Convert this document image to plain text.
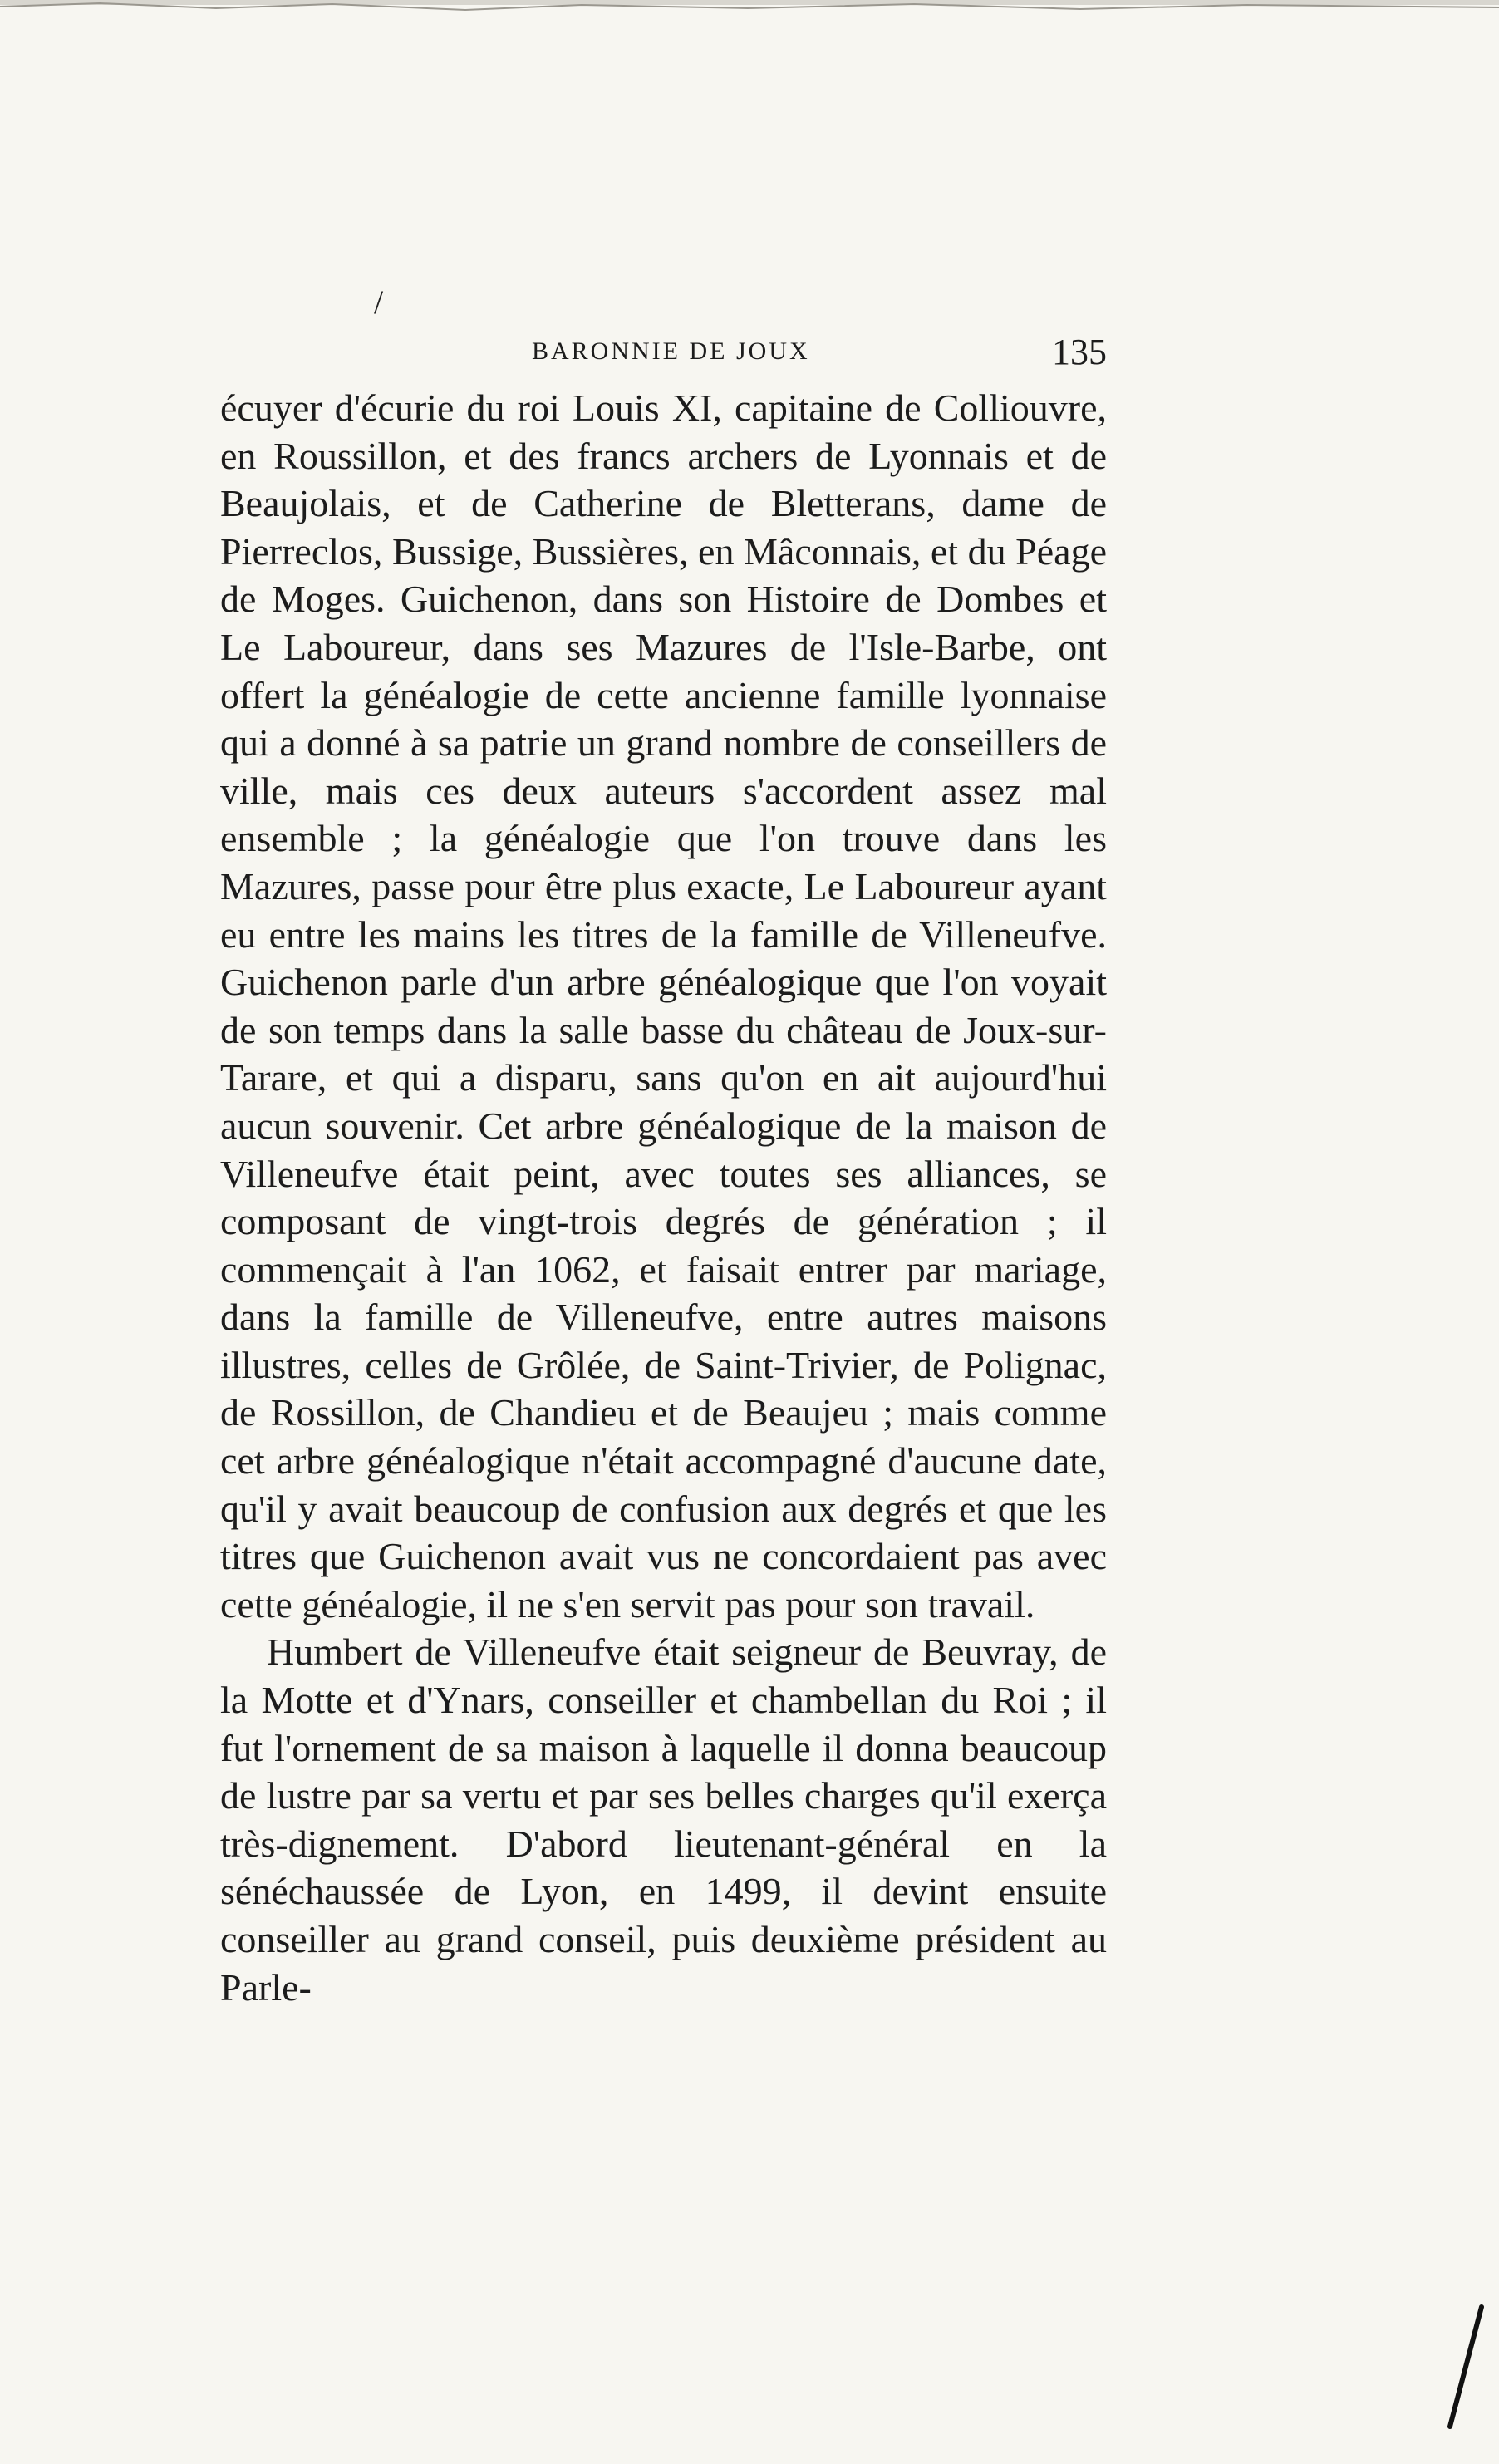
/
BARONNIE DE JOUX	135

écuyer d'écurie du roi Louis XI, capitaine de Colliouvre, en Roussillon, et des francs archers de Lyonnais et de Beaujolais, et de Catherine de Bletterans, dame de Pierreclos, Bussige, Bussières, en Mâconnais, et du Péage de Moges. Guichenon, dans son Histoire de Dombes et Le Laboureur, dans ses Mazures de l'Isle-Barbe, ont offert la généalogie de cette ancienne famille lyonnaise qui a donné à sa patrie un grand nombre de conseillers de ville, mais ces deux auteurs s'accordent assez mal ensemble ; la généalogie que l'on trouve dans les Mazures, passe pour être plus exacte, Le Laboureur ayant eu entre les mains les titres de la famille de Villeneufve. Guichenon parle d'un arbre généalogique que l'on voyait de son temps dans la salle basse du château de Joux-sur-Tarare, et qui a disparu, sans qu'on en ait aujourd'hui aucun souvenir. Cet arbre généalogique de la maison de Villeneufve était peint, avec toutes ses alliances, se composant de vingt-trois degrés de génération ; il commençait à l'an 1062, et faisait entrer par mariage, dans la famille de Villeneufve, entre autres maisons illustres, celles de Grôlée, de Saint-Trivier, de Polignac, de Rossillon, de Chandieu et de Beaujeu ; mais comme cet arbre généalogique n'était accompagné d'aucune date, qu'il y avait beaucoup de confusion aux degrés et que les titres que Guichenon avait vus ne concordaient pas avec cette généalogie, il ne s'en servit pas pour son travail.

Humbert de Villeneufve était seigneur de Beuvray, de la Motte et d'Ynars, conseiller et chambellan du Roi ; il fut l'ornement de sa maison à laquelle il donna beaucoup de lustre par sa vertu et par ses belles charges qu'il exerça très-dignement. D'abord lieutenant-général en la sénéchaussée de Lyon, en 1499, il devint ensuite conseiller au grand conseil, puis deuxième président au Parle-
